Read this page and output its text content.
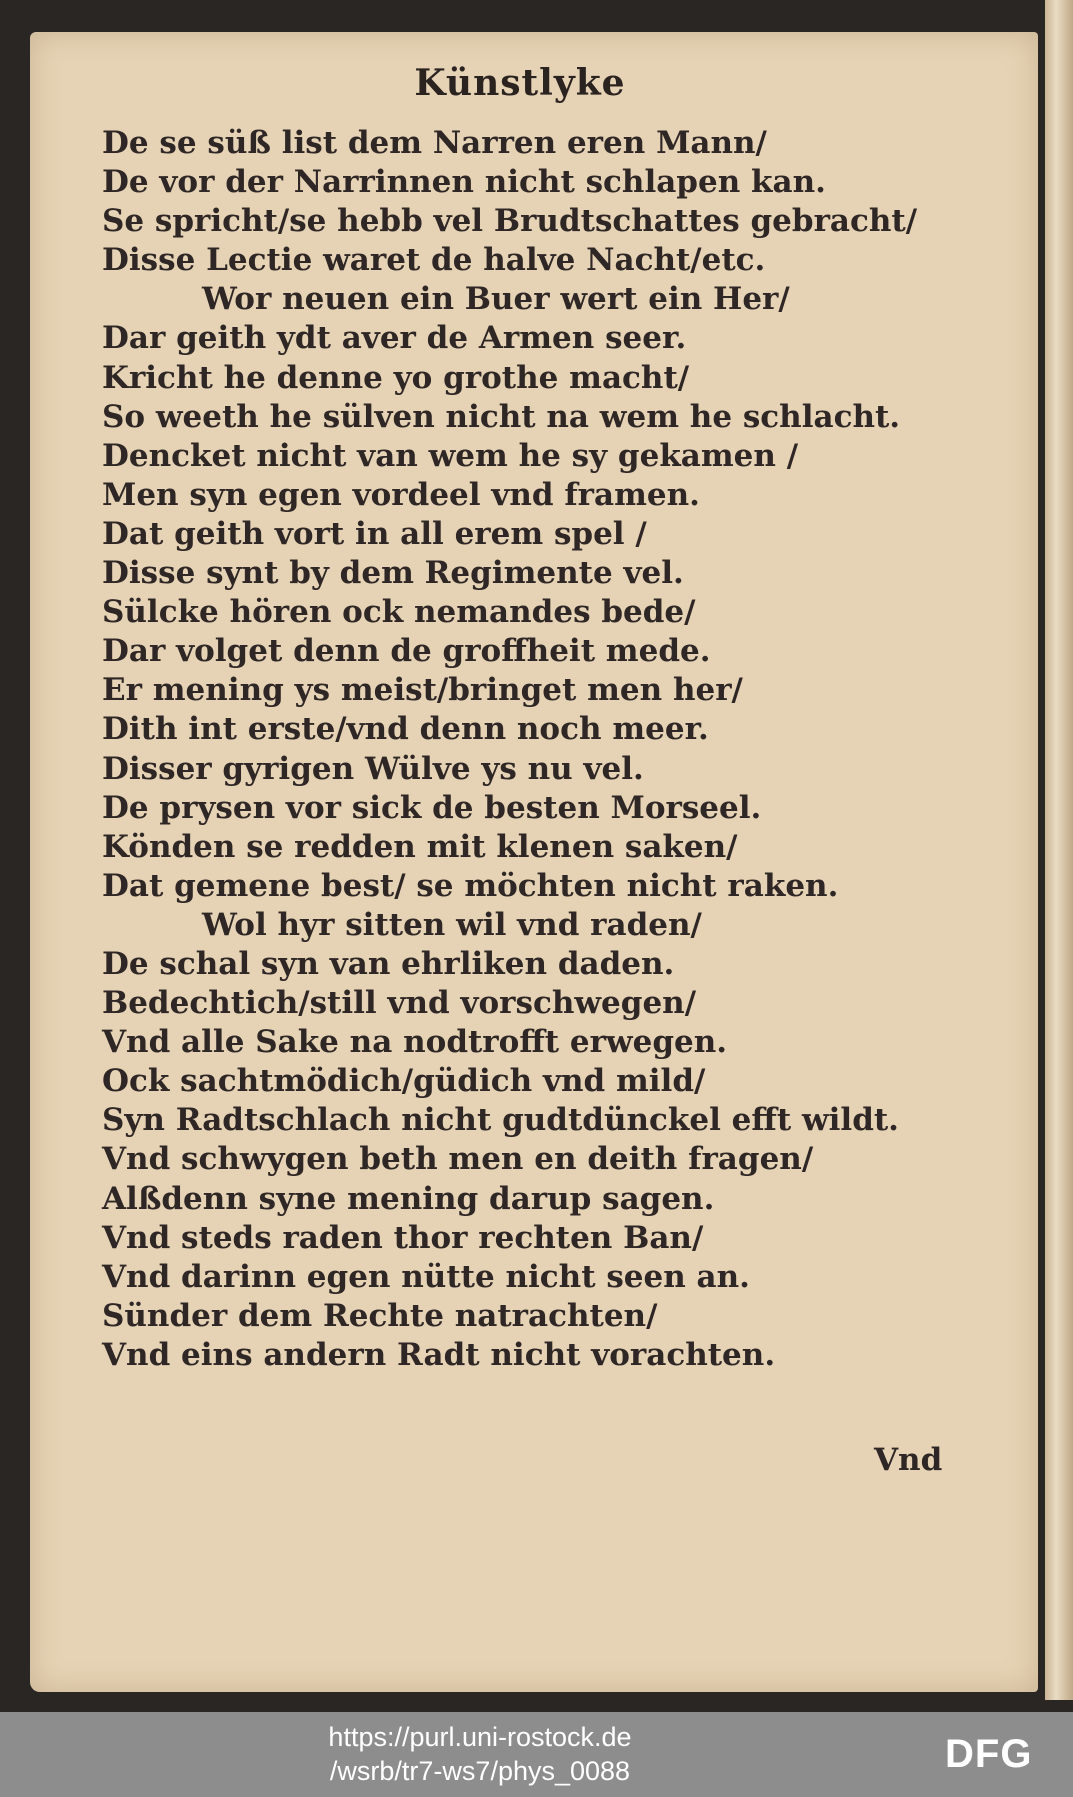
Künstlyke
De se süß list dem Narren eren Mann/
De vor der Narrinnen nicht schlapen kan.
Se spricht/se hebb vel Brudtschattes gebracht/
Disse Lectie waret de halve Nacht/etc.
Wor neuen ein Buer wert ein Her/
Dar geith ydt aver de Armen seer.
Kricht he denne yo grothe macht/
So weeth he sülven nicht na wem he schlacht.
Dencket nicht van wem he sy gekamen /
Men syn egen vordeel vnd framen.
Dat geith vort in all erem spel /
Disse synt by dem Regimente vel.
Sülcke hören ock nemandes bede/
Dar volget denn de groffheit mede.
Er mening ys meist/bringet men her/
Dith int erste/vnd denn noch meer.
Disser gyrigen Wülve ys nu vel.
De prysen vor sick de besten Morseel.
Könden se redden mit klenen saken/
Dat gemene best/ se möchten nicht raken.
Wol hyr sitten wil vnd raden/
De schal syn van ehrliken daden.
Bedechtich/still vnd vorschwegen/
Vnd alle Sake na nodtrofft erwegen.
Ock sachtmödich/güdich vnd mild/
Syn Radtschlach nicht gudtdünckel efft wildt.
Vnd schwygen beth men en deith fragen/
Alßdenn syne mening darup sagen.
Vnd steds raden thor rechten Ban/
Vnd darinn egen nütte nicht seen an.
Sünder dem Rechte natrachten/
Vnd eins andern Radt nicht vorachten.
Vnd
https://purl.uni-rostock.de
/wsrb/tr7-ws7/phys_0088	DFG
